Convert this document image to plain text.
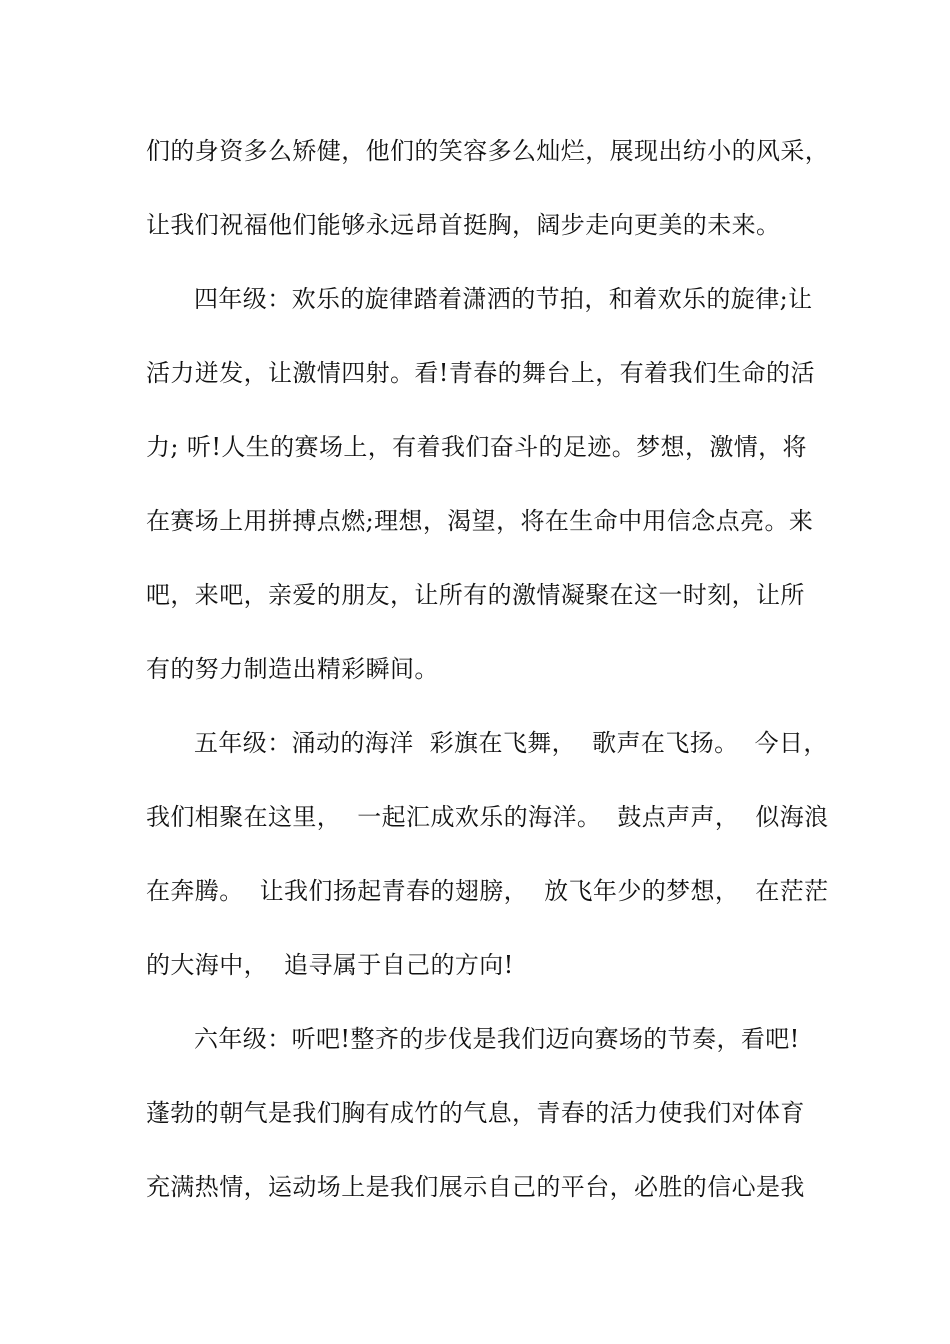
们的身资多么矫健，他们的笑容多么灿烂，展现出纺小的风采，
让我们祝福他们能够永远昂首挺胸，阔步走向更美的未来。
四年级：欢乐的旋律踏着潇洒的节拍，和着欢乐的旋律;让
活力迸发，让激情四射。看!青春的舞台上，有着我们生命的活
力; 听!人生的赛场上，有着我们奋斗的足迹。梦想，激情，将
在赛场上用拼搏点燃;理想，渴望，将在生命中用信念点亮。来
吧，来吧，亲爱的朋友，让所有的激情凝聚在这一时刻，让所
有的努力制造出精彩瞬间。
五年级：涌动的海洋  彩旗在飞舞，  歌声在飞扬。  今日，
我们相聚在这里，  一起汇成欢乐的海洋。  鼓点声声，  似海浪
在奔腾。  让我们扬起青春的翅膀，  放飞年少的梦想，  在茫茫
的大海中，  追寻属于自己的方向!
六年级：听吧!整齐的步伐是我们迈向赛场的节奏，看吧!
蓬勃的朝气是我们胸有成竹的气息，青春的活力使我们对体育
充满热情，运动场上是我们展示自己的平台，必胜的信心是我
